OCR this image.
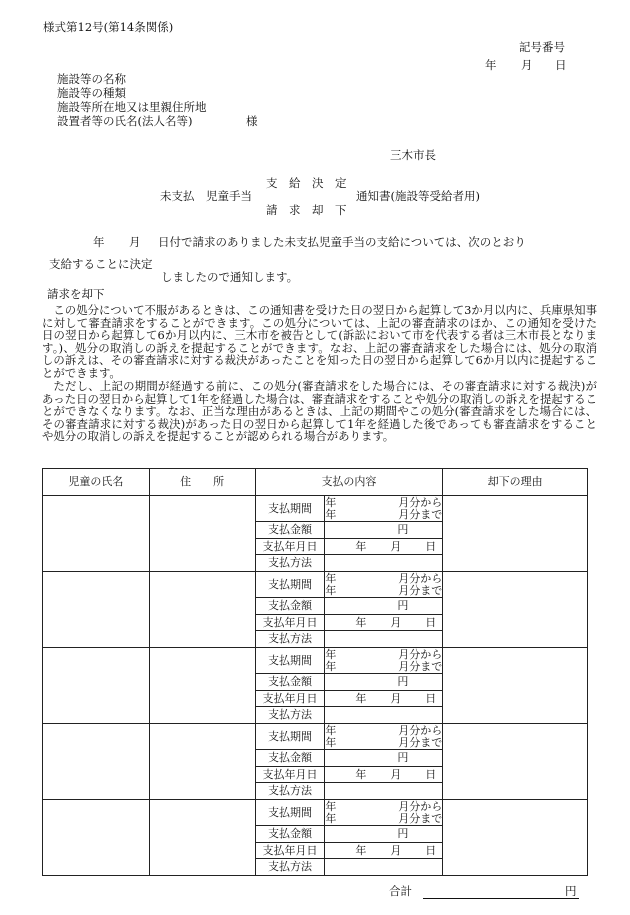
様式第12号(第14条関係)
記号番号
年 月 日
施設等の名称
施設等の種類
施設等所在地又は里親住所地
設置者等の氏名(法人名等)	様
三木市長
未支払　児童手当
支　給　決　定
請　求　却　下
通知書(施設等受給者用)
年 月 日付で請求のありました未支払児童手当の支給については、次のとおり
支給することに決定
しましたので通知します。
請求を却下
この処分について不服があるときは、この通知書を受けた日の翌日から起算して3か月以内に、兵庫県知事に対して審査請求をすることができます。この処分については、上記の審査請求のほか、この通知を受けた日の翌日から起算して6か月以内に、三木市を被告として(訴訟において市を代表する者は三木市長となります。)、処分の取消しの訴えを提起することができます。なお、上記の審査請求をした場合には、処分の取消しの訴えは、その審査請求に対する裁決があったことを知った日の翌日から起算して6か月以内に提起することができます。
ただし、上記の期間が経過する前に、この処分(審査請求をした場合には、その審査請求に対する裁決)があった日の翌日から起算して1年を経過した場合は、審査請求をすることや処分の取消しの訴えを提起することができなくなります。なお、正当な理由があるときは、上記の期間やこの処分(審査請求をした場合には、その審査請求に対する裁決)があった日の翌日から起算して1年を経過した後であっても審査請求をすることや処分の取消しの訴えを提起することが認められる場合があります。
児童の氏名	住　　所	支払の内容		却下の理由
		支払期間	年 月分から
年 月分まで	

		支払金額	円	
		支払年月日	年 月 日	

		支払方法		
		支払期間	年 月分から
年 月分まで	

		支払金額	円	
		支払年月日	年 月 日	

		支払方法		
		支払期間	年 月分から
年 月分まで	

		支払金額	円	
		支払年月日	年 月 日	

		支払方法		
		支払期間	年 月分から
年 月分まで	

		支払金額	円	
		支払年月日	年 月 日	

		支払方法		
		支払期間	年 月分から
年 月分まで	

		支払金額	円	
		支払年月日	年 月 日	

		支払方法		
合計	円
